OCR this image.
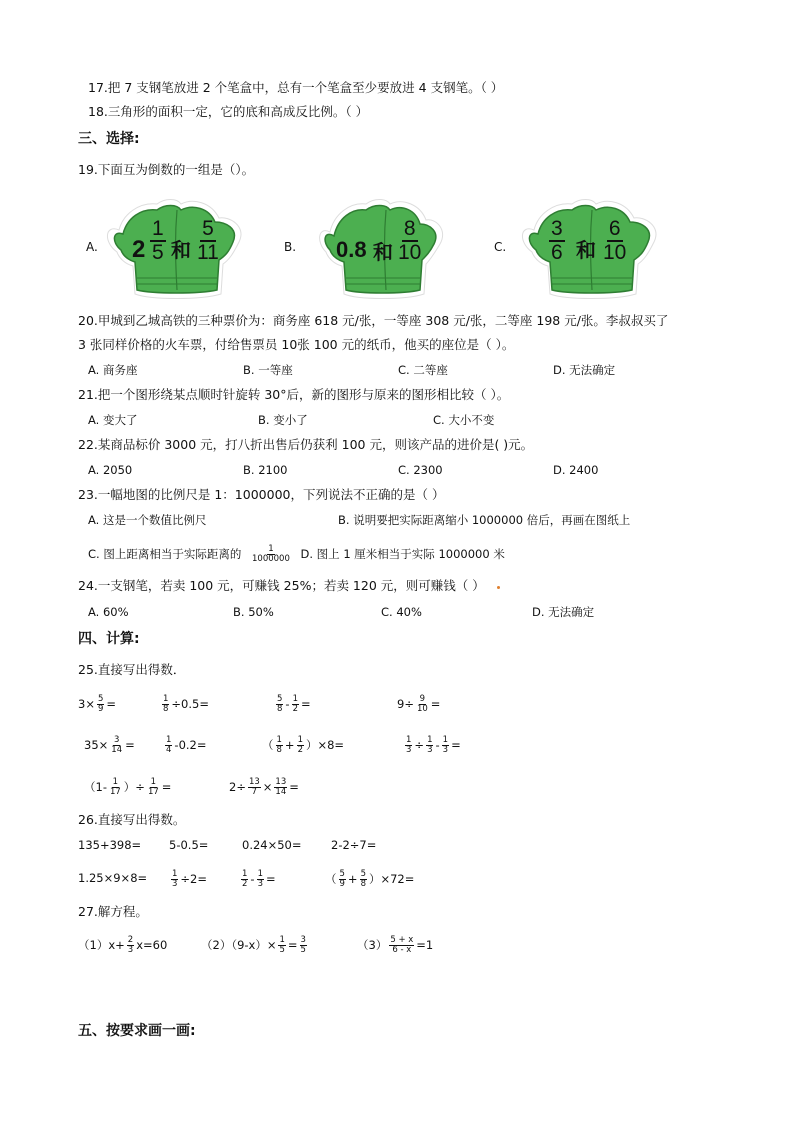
17.把 7 支钢笔放进 2 个笔盒中，总有一个笔盒至少要放进 4 支钢笔。（ ）
18.三角形的面积一定，它的底和高成反比例。（ ）
三、选择:
19.下面互为倒数的一组是（）。
A. 2
1
5 和
5
11	B. 0.8 和
8
10	C.
3
6 和
6
10
20.甲城到乙城高铁的三种票价为：商务座 618 元/张，一等座 308 元/张，二等座 198 元/张。李叔叔买了
3 张同样价格的火车票，付给售票员 10张 100 元的纸币，他买的座位是（ ）。
A. 商务座	B. 一等座	C. 二等座	D. 无法确定
21.把一个图形绕某点顺时针旋转 30°后，新的图形与原来的图形相比较（ ）。
A. 变大了	B. 变小了	C. 大小不变
22.某商品标价 3000 元，打八折出售后仍获利 100 元，则该产品的进价是( )元。
A. 2050	B. 2100	C. 2300	D. 2400
23.一幅地图的比例尺是 1：1000000，下列说法不正确的是（ ）
A. 这是一个数值比例尺	B. 说明要把实际距离缩小 1000000 倍后，再画在图纸上
C. 图上距离相当于实际距离的 $\frac{1}{1000000} D$. 图上 1 厘米相当于实际 1000000 米
24.一支钢笔，若卖 100 元，可赚钱 25%；若卖 120 元，则可赚钱（ ）
A. 60%	B. 50%	C. 40%	D. 无法确定
四、计算:
25.直接写出得数．
$3\times \frac{5}{9}$ =	$\frac{1}{8} \div 0.5=$	$\frac{5}{8} - \frac{1}{2}$ =	$9\div \frac{9}{10}$ =
$35\times \frac{3}{14}$ =	$\frac{1}{4} -0.2=$	（ $\frac{1}{8} + \frac{1}{2} )\times 8=$	$\frac{1}{3} \div \frac{1}{3} - \frac{1}{3}$ =
（$1- \frac{1}{17}$ ）÷ $\frac{1}{17}$ =	$2\div \frac{13}{7} \times \frac{13}{14}$ =
26.直接写出得数。
135+398= 5-0.5=	0.24×50=	2-2÷7=
1.25×9×8=	$\frac{1}{3} \div 2=$	$\frac{1}{2} - \frac{1}{3}$ =	（ $\frac{5}{9} + \frac{5}{8} )\times 72=$
27.解方程。
$(1)x+ \frac{2}{3} x=60$	$(2)(9-x)\times \frac{1}{5} = \frac{3}{5}$	$(3) \frac{5 + x}{6 - x} =1$
五、按要求画一画:
